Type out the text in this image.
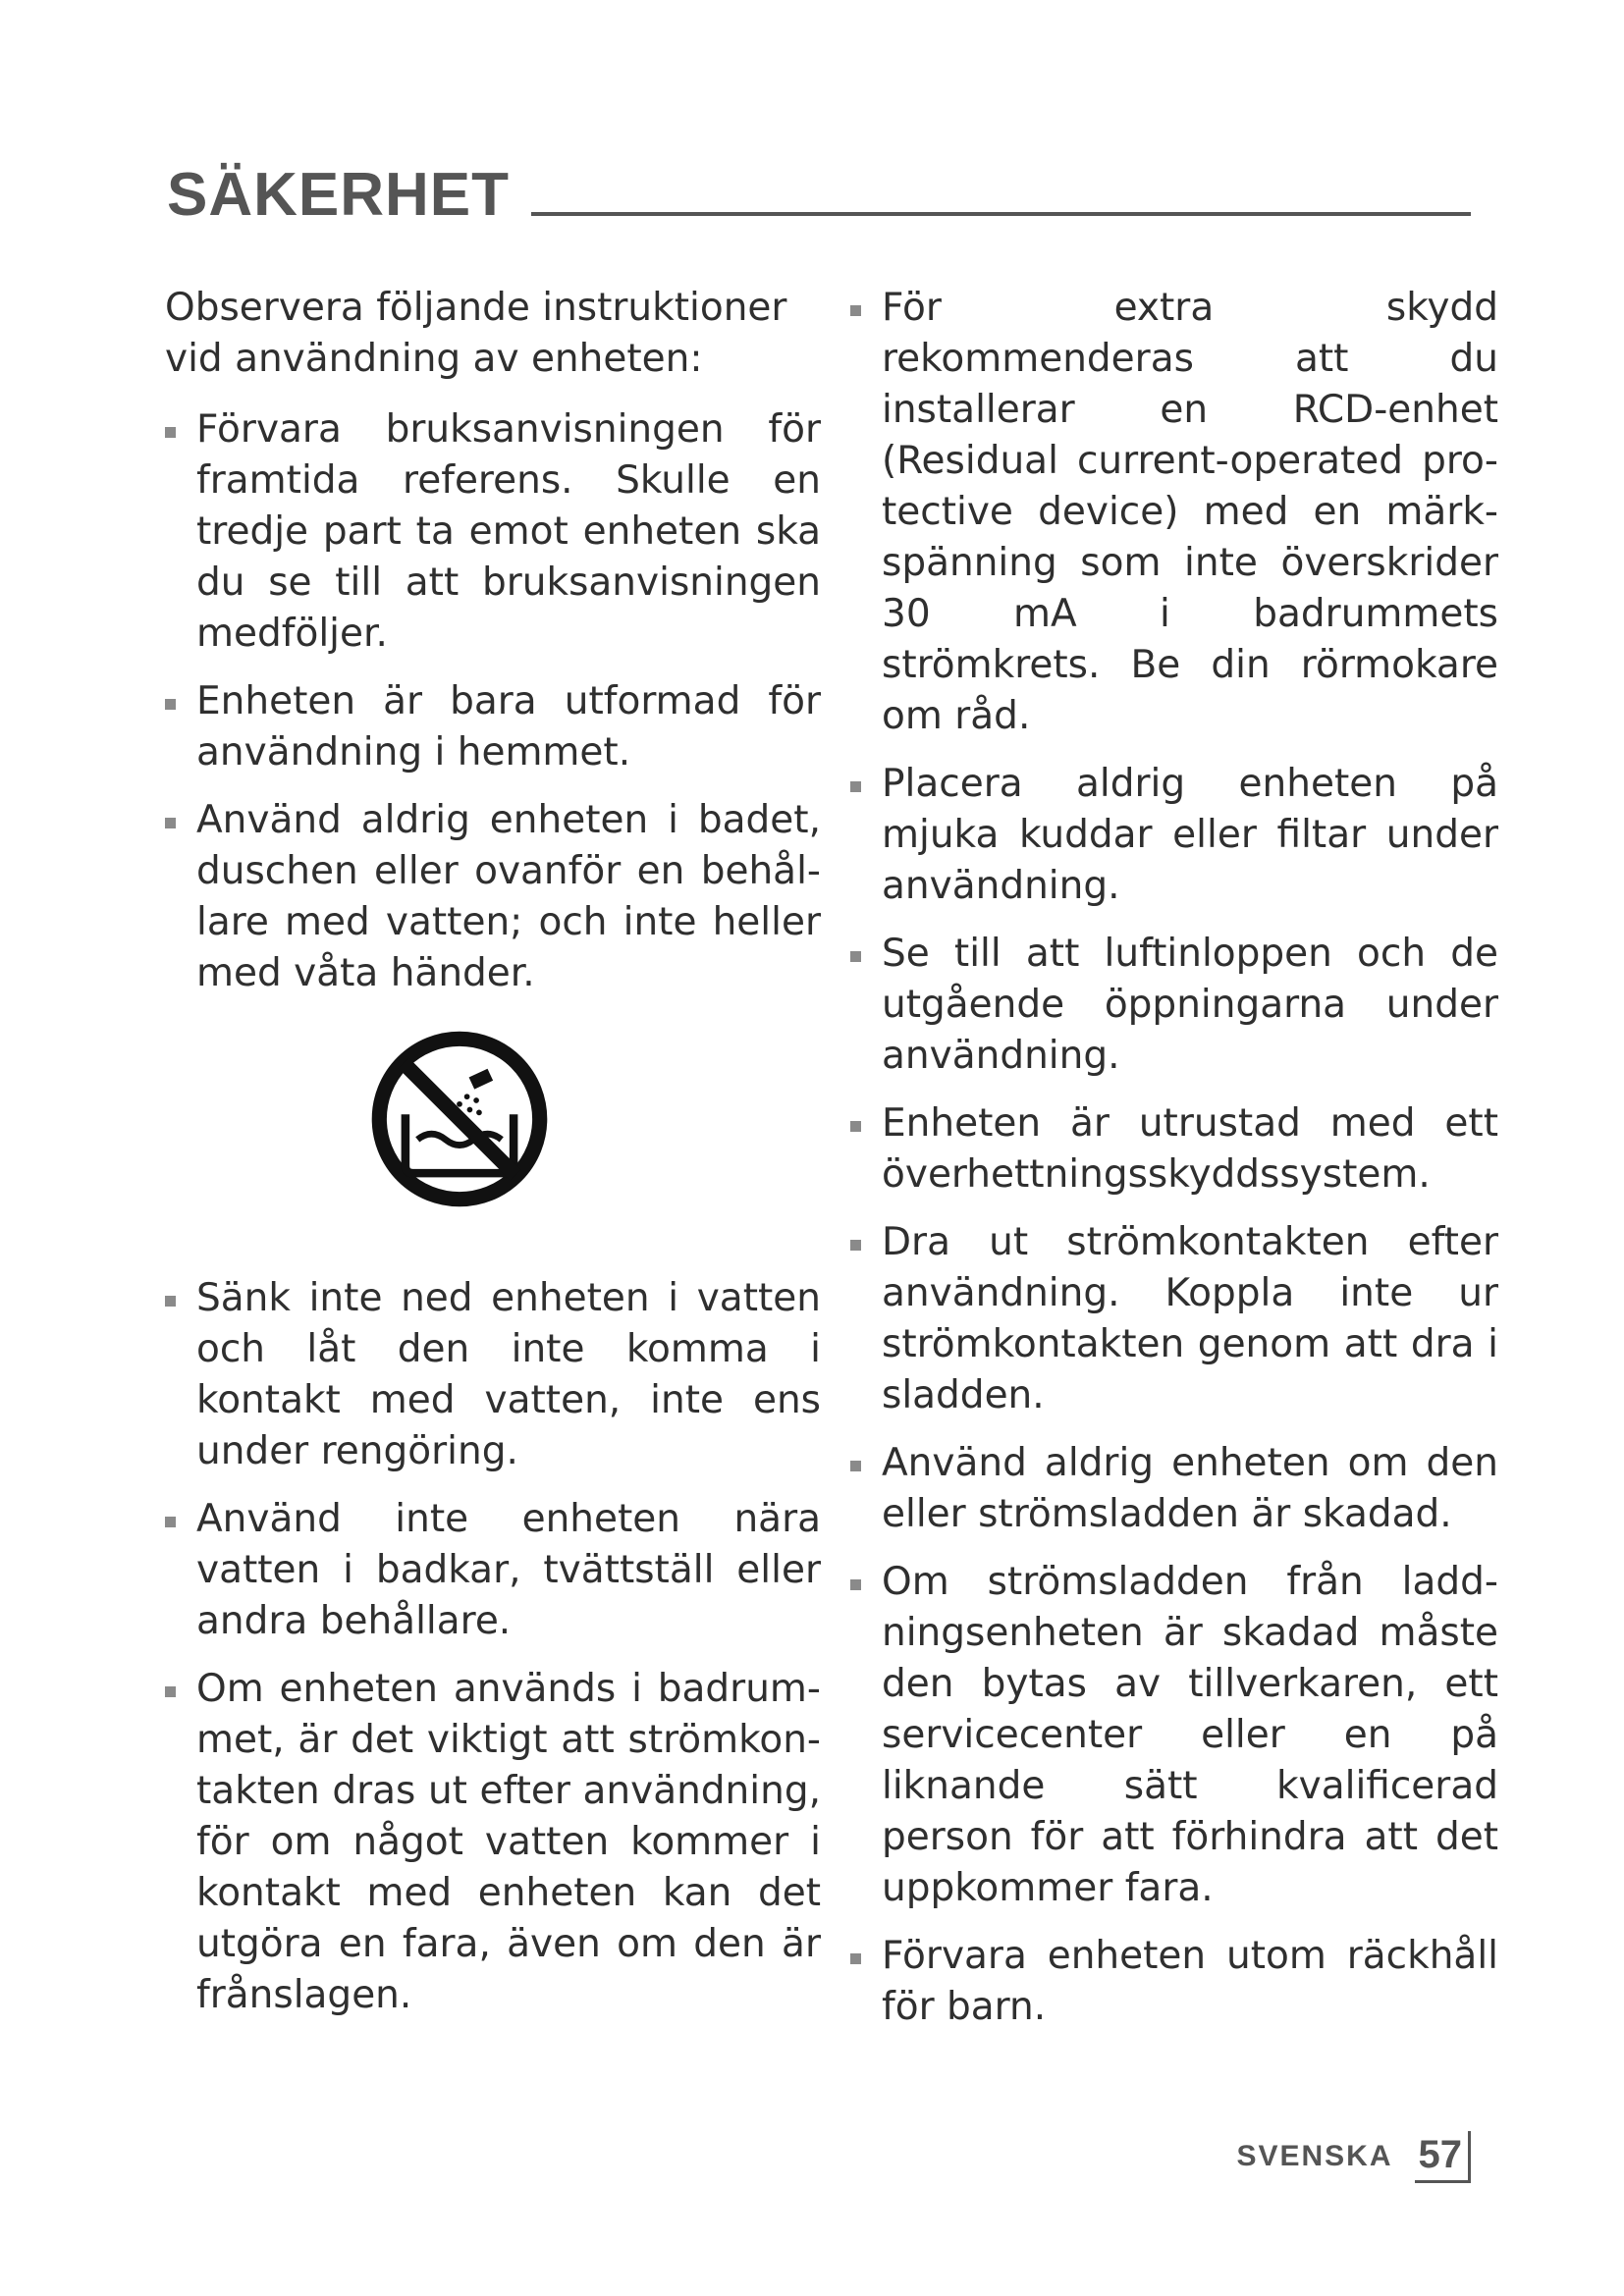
SÄKERHET

Observera följande instruktioner vid användning av enheten:

Förvara bruksanvisningen för framtida referens. Skulle en tredje part ta emot enheten ska du se till att bruksanvisningen medföljer.
Enheten är bara utformad för användning i hemmet.
Använd aldrig enheten i badet, duschen eller ovanför en behållare med vatten; och inte heller med våta händer.
Sänk inte ned enheten i vatten och låt den inte komma i kontakt med vatten, inte ens under rengöring.
Använd inte enheten nära vatten i badkar, tvättställ eller andra behållare.
Om enheten används i badrummet, är det viktigt att strömkontakten dras ut efter användning, för om något vatten kommer i kontakt med enheten kan det utgöra en fara, även om den är frånslagen.
För extra skydd rekommenderas att du installerar en RCD-enhet (Residual current-operated protective device) med en märkspänning som inte överskrider 30 mA i badrummets strömkrets. Be din rörmokare om råd.
Placera aldrig enheten på mjuka kuddar eller filtar under användning.
Se till att luftinloppen och de utgående öppningarna under användning.
Enheten är utrustad med ett överhettningsskyddssystem.
Dra ut strömkontakten efter användning. Koppla inte ur strömkontakten genom att dra i sladden.
Använd aldrig enheten om den eller strömsladden är skadad.
Om strömsladden från laddningsenheten är skadad måste den bytas av tillverkaren, ett servicecenter eller en på liknande sätt kvalificerad person för att förhindra att det uppkommer fara.
Förvara enheten utom räckhåll för barn.
SVENSKA 57
